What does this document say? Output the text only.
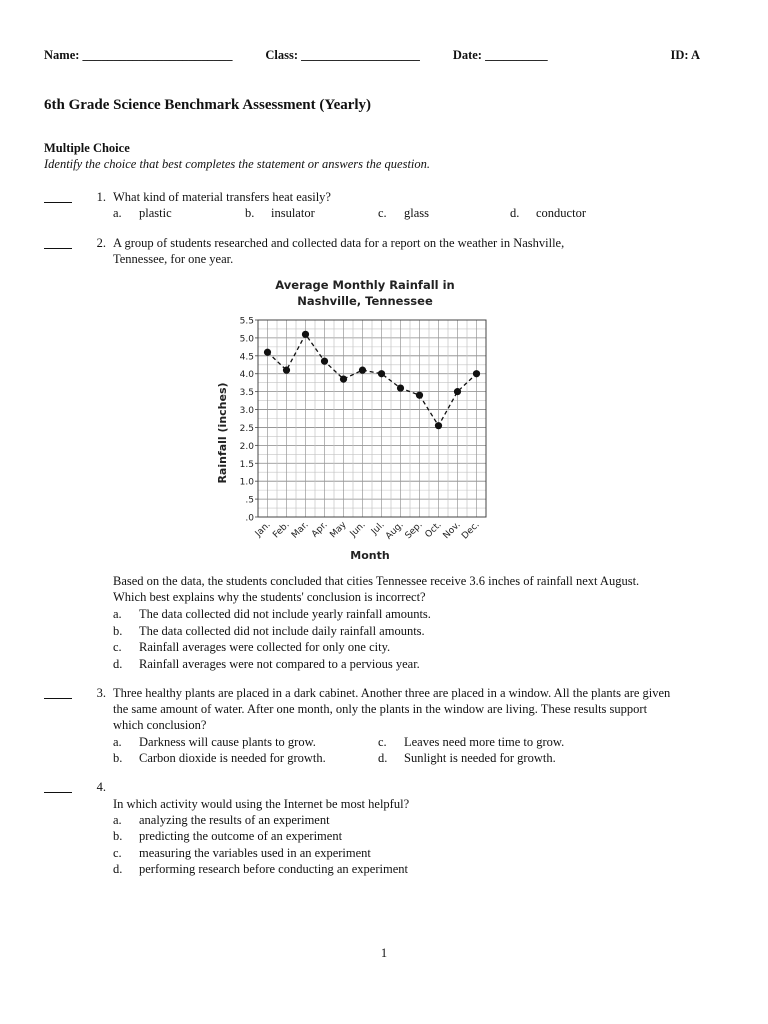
Name: ________________________	Class: ___________________	Date: __________	ID: A
6th Grade Science Benchmark Assessment (Yearly)
Multiple Choice
Identify the choice that best completes the statement or answers the question.
1. What kind of material transfers heat easily?
a. plastic	b. insulator	c. glass	d. conductor
2. A group of students researched and collected data for a report on the weather in Nashville,
Tennessee, for one year.
Average Monthly Rainfall in
Nashville, Tennessee
.0
.5
1.0
1.5
2.0
2.5
3.0
3.5
4.0
4.5
5.0
5.5
Jan.
Feb.
Mar. Apr.
May Jun. Jul.
Aug.
Sep.
Oct.
Nov.
Dec.
Rainfall (inches)
Month
Based on the data, the students concluded that cities Tennessee receive 3.6 inches of rainfall next August.
Which best explains why the students' conclusion is incorrect?
a. The data collected did not include yearly rainfall amounts.
b. The data collected did not include daily rainfall amounts.
c. Rainfall averages were collected for only one city.
d. Rainfall averages were not compared to a pervious year.
3. Three healthy plants are placed in a dark cabinet. Another three are placed in a window. All the plants are given
the same amount of water. After one month, only the plants in the window are living. These results support
which conclusion?
a. Darkness will cause plants to grow.
b. Carbon dioxide is needed for growth.
c. Leaves need more time to grow.
d. Sunlight is needed for growth.
4.
In which activity would using the Internet be most helpful?
a. analyzing the results of an experiment
b. predicting the outcome of an experiment
c. measuring the variables used in an experiment
d. performing research before conducting an experiment
1
